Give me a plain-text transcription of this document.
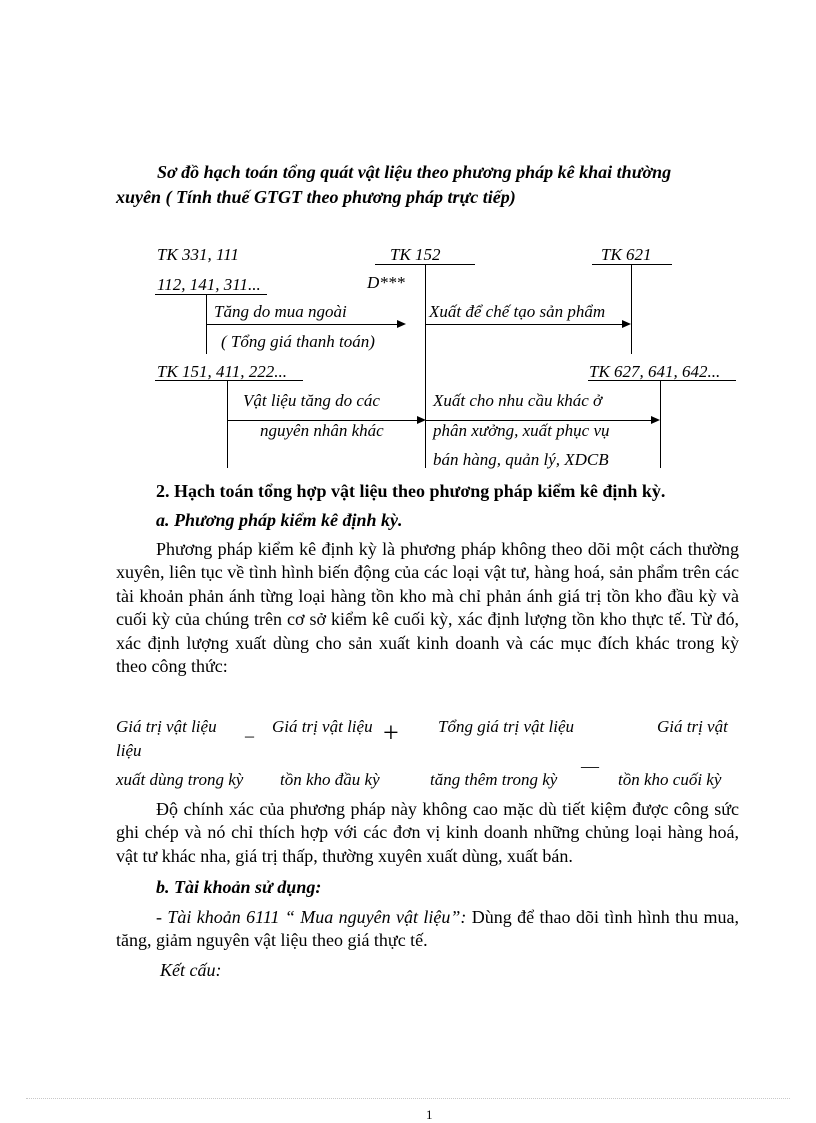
Sơ đồ hạch toán tổng quát vật liệu theo phương pháp kê khai thường
xuyên ( Tính thuế GTGT theo phương pháp trực tiếp)
TK 331, 111
112, 141, 311...
TK 152
D***
TK 621
Tăng do mua ngoài
( Tổng giá thanh toán)
Xuất để chế tạo sản phẩm
TK 151, 411, 222...	TK 627, 641, 642...
Vật liệu tăng do các
nguyên nhân khác
Xuất cho nhu cầu khác ở
phân xưởng, xuất phục vụ
bán hàng, quản lý, XDCB
2. Hạch toán tổng hợp vật liệu theo phương pháp kiểm kê định kỳ.
a. Phương pháp kiểm kê định kỳ.
Phương pháp kiểm kê định kỳ là phương pháp không theo dõi một cách thường xuyên, liên tục về tình hình biến động của các loại vật tư, hàng hoá, sản phẩm trên các tài khoản phản ánh từng loại hàng tồn kho mà chỉ phản ánh giá trị tồn kho đầu kỳ và cuối kỳ của chúng trên cơ sở kiểm kê cuối kỳ, xác định lượng tồn kho thực tế. Từ đó, xác định lượng xuất dùng cho sản xuất kinh doanh và các mục đích khác trong kỳ theo công thức:
Giá trị vật liệu _ Giá trị vật liệu + Tổng giá trị vật liệu	Giá trị vật
liệu
xuất dùng trong kỳ tồn kho đầu kỳ	tăng thêm trong kỳ
—
tồn kho cuối kỳ
Độ chính xác của phương pháp này không cao mặc dù tiết kiệm được công sức ghi chép và nó chỉ thích hợp với các đơn vị kinh doanh những chủng loại hàng hoá, vật tư khác nha, giá trị thấp, thường xuyên xuất dùng, xuất bán.
b. Tài khoản sử dụng:
- Tài khoản 6111 “ Mua nguyên vật liệu”: Dùng để thao dõi tình hình thu mua, tăng, giảm nguyên vật liệu theo giá thực tế.
Kết cấu:
1
